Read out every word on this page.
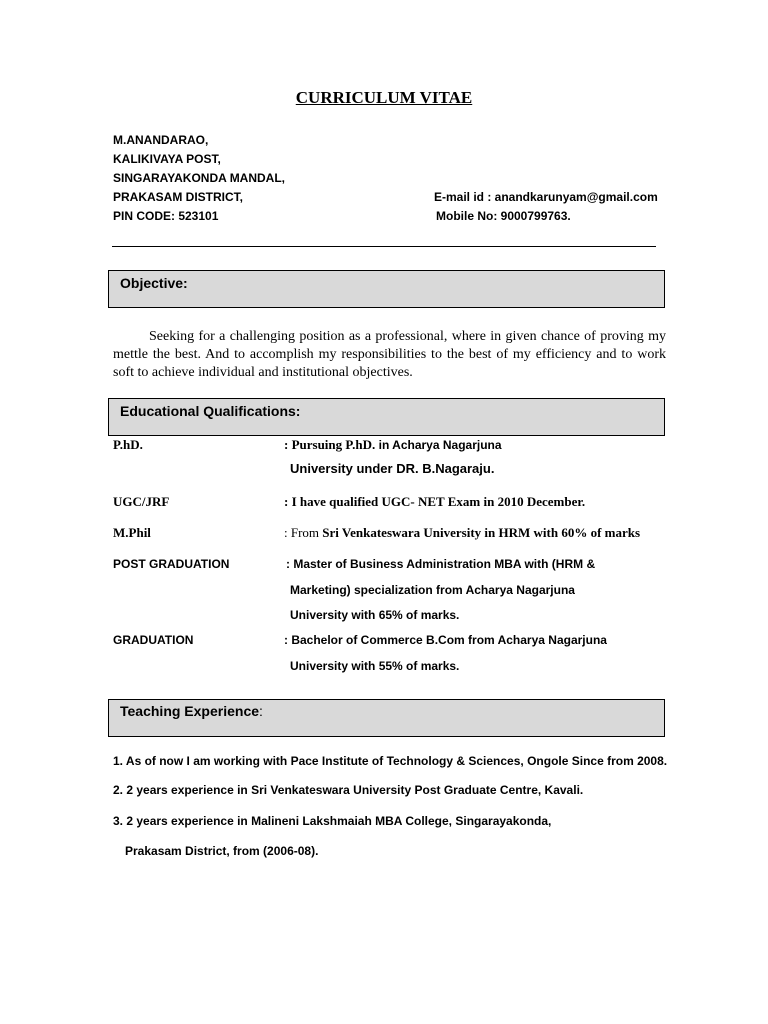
CURRICULUM VITAE
M.ANANDARAO,
KALIKIVAYA POST,
SINGARAYAKONDA MANDAL,
PRAKASAM DISTRICT,
PIN CODE: 523101
E-mail id : anandkarunyam@gmail.com
Mobile No: 9000799763.
Objective:
Seeking for a challenging position as a professional, where in given chance of proving my mettle the best. And to accomplish my responsibilities to the best of my efficiency and to work soft to achieve individual and institutional objectives.
Educational Qualifications:
P.hD.	: Pursuing P.hD. in Acharya Nagarjuna
University under DR. B.Nagaraju.
UGC/JRF	: I have qualified UGC- NET Exam in 2010 December.
M.Phil	: From Sri Venkateswara University in HRM with 60% of marks
POST GRADUATION	: Master of Business Administration MBA with (HRM &
Marketing) specialization from Acharya Nagarjuna
University with 65% of marks.
GRADUATION	: Bachelor of Commerce B.Com from Acharya Nagarjuna
University with 55% of marks.
Teaching Experience:
1. As of now I am working with Pace Institute of Technology & Sciences, Ongole Since from 2008.
2. 2 years experience in Sri Venkateswara University Post Graduate Centre, Kavali.
3. 2 years experience in Malineni Lakshmaiah MBA College, Singarayakonda,
Prakasam District, from (2006-08).
